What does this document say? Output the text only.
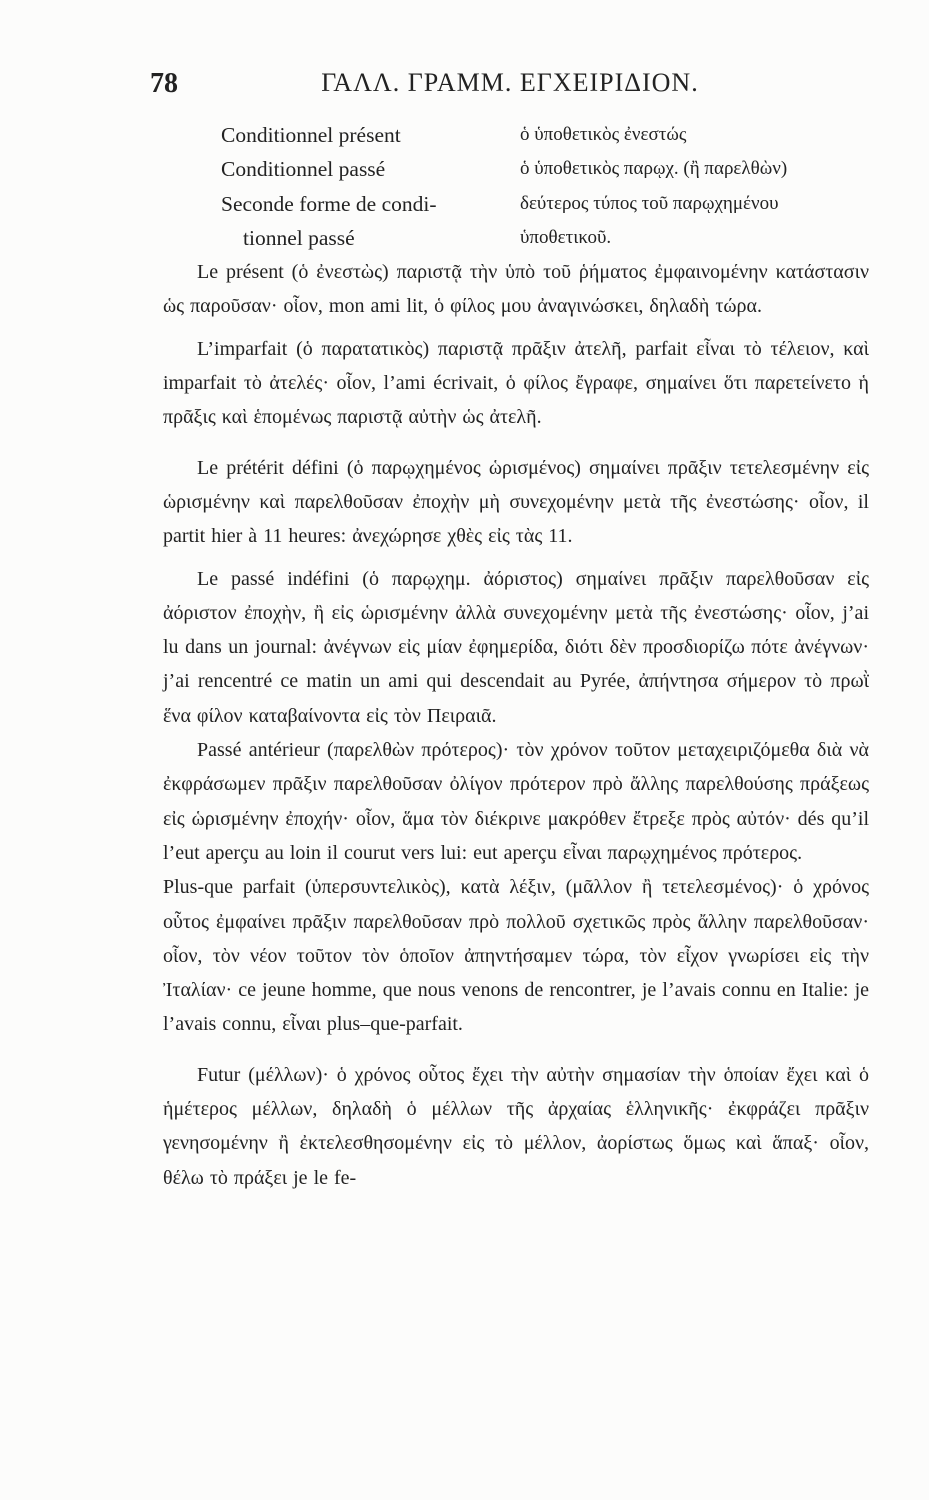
78	ΓΑΛΛ. ΓΡΑΜΜ. ΕΓΧΕΙΡΙΔΙΟΝ.
Conditionnel présent	ὁ ὑποθετικὸς ἐνεστώς
Conditionnel passé	ὁ ὑποθετικὸς παρῳχ. (ἢ παρελθὼν)
Seconde forme de condi-	δεύτερος τύπος τοῦ παρῳχημένου
tionnel passé	ὑποθετικοῦ.

Le présent (ὁ ἐνεστὼς) παριστᾷ τὴν ὑπὸ τοῦ ῥήματος ἐμφαινομένην κατάστασιν ὡς παροῦσαν· οἷον, mon ami lit, ὁ φίλος μου ἀναγινώσκει, δηλαδὴ τώρα.

L’imparfait (ὁ παρατατικὸς) παριστᾷ πρᾶξιν ἀτελῆ, parfait εἶναι τὸ τέλειον, καὶ imparfait τὸ ἀτελές· οἷον, l’ami écrivait, ὁ φίλος ἔγραφε, σημαίνει ὅτι παρετείνετο ἡ πρᾶξις καὶ ἑπομένως παριστᾷ αὐτὴν ὡς ἀτελῆ.

Le prétérit défini (ὁ παρῳχημένος ὡρισμένος) σημαίνει πρᾶξιν τετελεσμένην εἰς ὡρισμένην καὶ παρελθοῦσαν ἐποχὴν μὴ συνεχομένην μετὰ τῆς ἐνεστώσης· οἷον, il partit hier à 11 heures: ἀνεχώρησε χθὲς εἰς τὰς 11.

Le passé indéfini (ὁ παρῳχημ. ἀόριστος) σημαίνει πρᾶξιν παρελθοῦσαν εἰς ἀόριστον ἐποχὴν, ἢ εἰς ὡρισμένην ἀλλὰ συνεχομένην μετὰ τῆς ἐνεστώσης· οἷον, j’ai lu dans un journal: ἀνέγνων εἰς μίαν ἐφημερίδα, διότι δὲν προσδιορίζω πότε ἀνέγνων· j’ai rencentré ce matin un ami qui descendait au Pyrée, ἀπήντησα σήμερον τὸ πρωῒ ἕνα φίλον καταβαίνοντα εἰς τὸν Πειραιᾶ.

Passé antérieur (παρελθὼν πρότερος)· τὸν χρόνον τοῦτον μεταχειριζόμεθα διὰ νὰ ἐκφράσωμεν πρᾶξιν παρελθοῦσαν ὀλίγον πρότερον πρὸ ἄλλης παρελθούσης πράξεως εἰς ὡρισμένην ἐποχήν· οἷον, ἅμα τὸν διέκρινε μακρόθεν ἔτρεξε πρὸς αὐτόν· dés qu’il l’eut aperçu au loin il courut vers lui: eut aperçu εἶναι παρῳχημένος πρότερος.

Plus-que parfait (ὑπερσυντελικὸς), κατὰ λέξιν, (μᾶλλον ἢ τετελεσμένος)· ὁ χρόνος οὗτος ἐμφαίνει πρᾶξιν παρελθοῦσαν πρὸ πολλοῦ σχετικῶς πρὸς ἄλλην παρελθοῦσαν· οἷον, τὸν νέον τοῦτον τὸν ὁποῖον ἀπηντήσαμεν τώρα, τὸν εἶχον γνωρίσει εἰς τὴν Ἰταλίαν· ce jeune homme, que nous venons de rencontrer, je l’avais connu en Italie: je l’avais connu, εἶναι plus–que-parfait.

Futur (μέλλων)· ὁ χρόνος οὗτος ἔχει τὴν αὐτὴν σημασίαν τὴν ὁποίαν ἔχει καὶ ὁ ἡμέτερος μέλλων, δηλαδὴ ὁ μέλλων τῆς ἀρχαίας ἑλληνικῆς· ἐκφράζει πρᾶξιν γενησομένην ἢ ἐκτελεσθησομένην εἰς τὸ μέλλον, ἀορίστως ὅμως καὶ ἅπαξ· οἷον, θέλω τὸ πράξει je le fe-
